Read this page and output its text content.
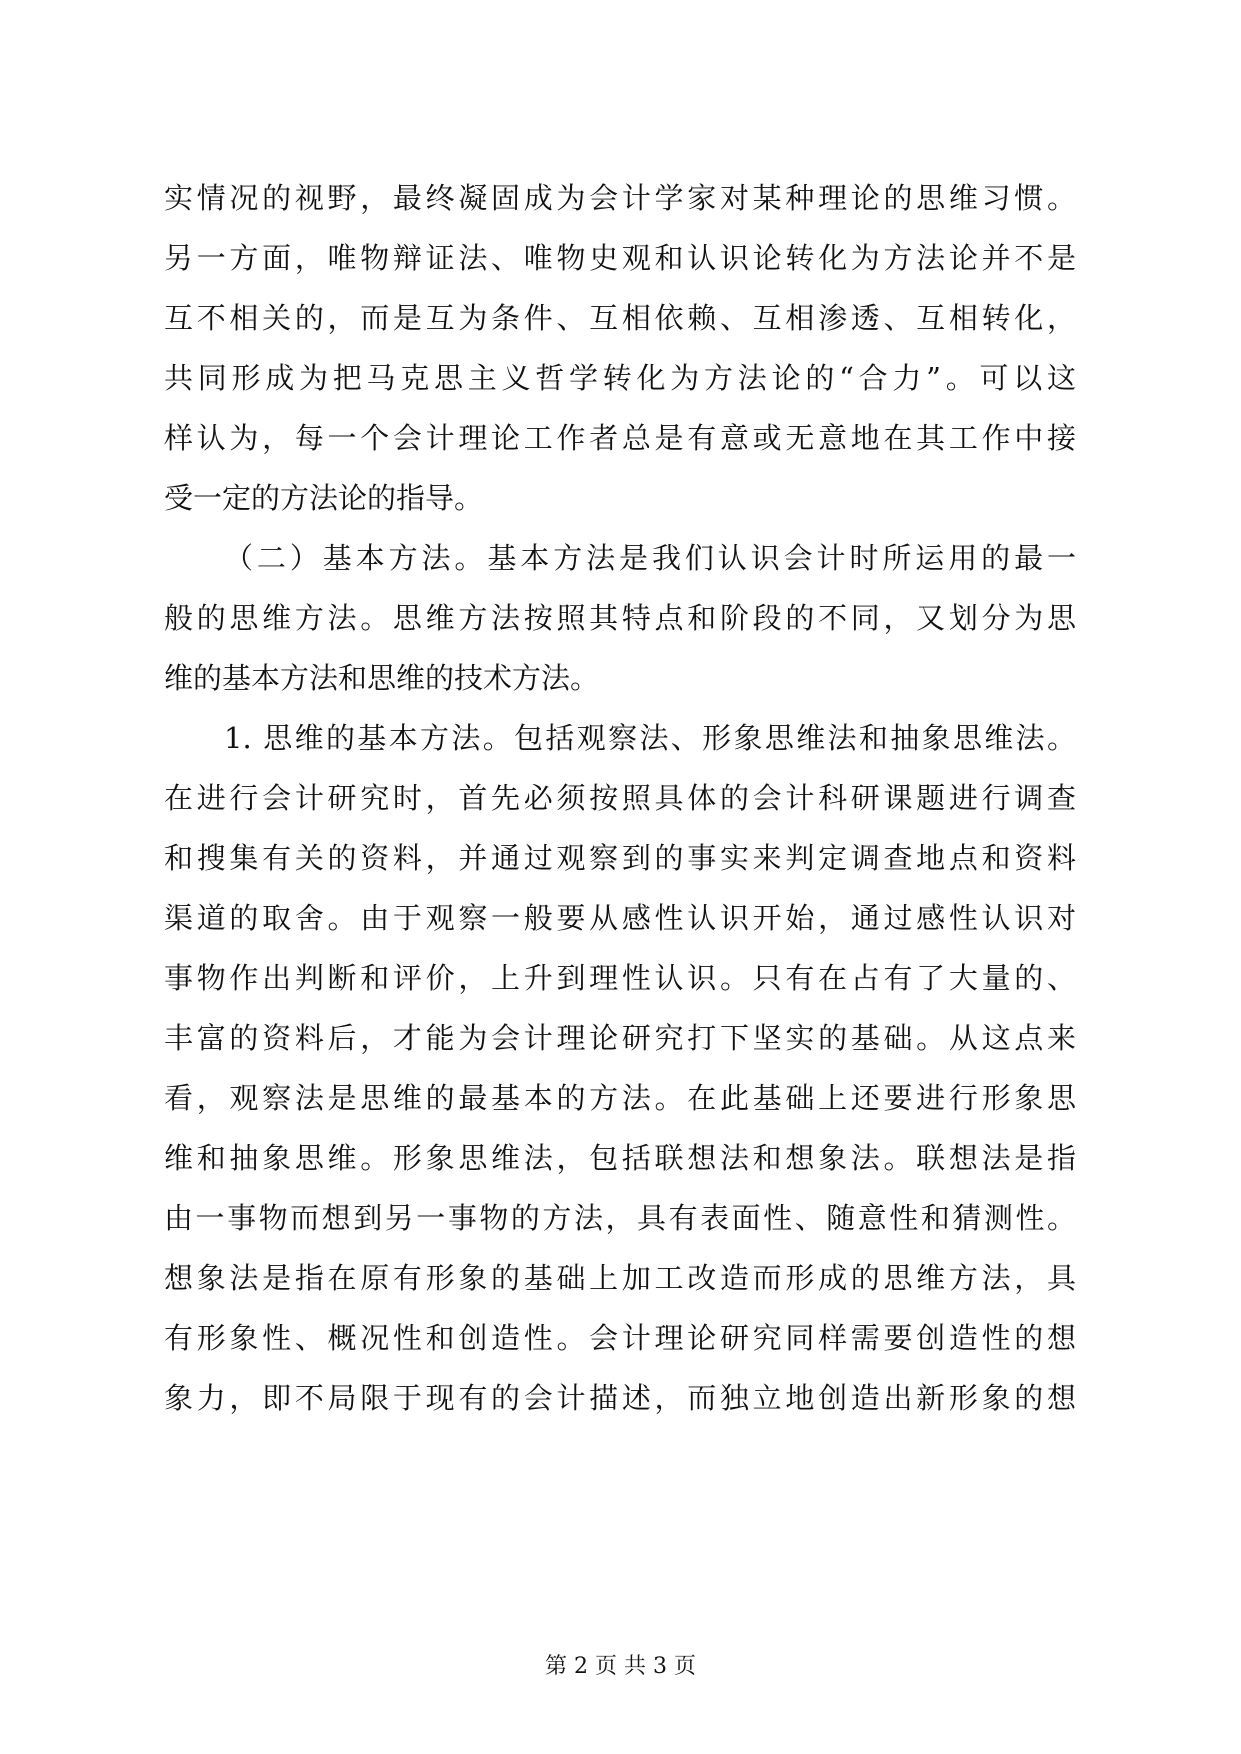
实情况的视野，最终凝固成为会计学家对某种理论的思维习惯。
另一方面，唯物辩证法、唯物史观和认识论转化为方法论并不是
互不相关的，而是互为条件、互相依赖、互相渗透、互相转化，
共同形成为把马克思主义哲学转化为方法论的“合力”。可以这
样认为，每一个会计理论工作者总是有意或无意地在其工作中接
受一定的方法论的指导。
（二）基本方法。基本方法是我们认识会计时所运用的最一
般的思维方法。思维方法按照其特点和阶段的不同，又划分为思
维的基本方法和思维的技术方法。
1. 思维的基本方法。包括观察法、形象思维法和抽象思维法。
在进行会计研究时，首先必须按照具体的会计科研课题进行调查
和搜集有关的资料，并通过观察到的事实来判定调查地点和资料
渠道的取舍。由于观察一般要从感性认识开始，通过感性认识对
事物作出判断和评价，上升到理性认识。只有在占有了大量的、
丰富的资料后，才能为会计理论研究打下坚实的基础。从这点来
看，观察法是思维的最基本的方法。在此基础上还要进行形象思
维和抽象思维。形象思维法，包括联想法和想象法。联想法是指
由一事物而想到另一事物的方法，具有表面性、随意性和猜测性。
想象法是指在原有形象的基础上加工改造而形成的思维方法，具
有形象性、概况性和创造性。会计理论研究同样需要创造性的想
象力，即不局限于现有的会计描述，而独立地创造出新形象的想
第 2 页 共 3 页
